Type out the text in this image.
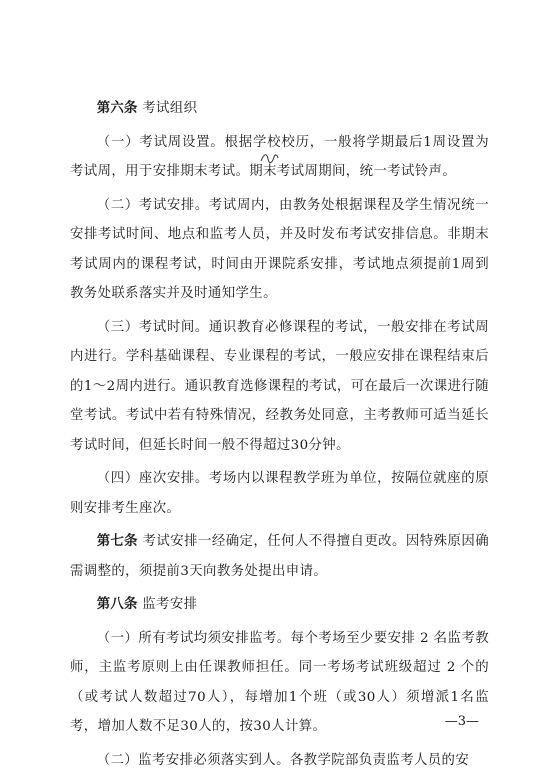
第六条 考试组织

（一）考试周设置。根据学校校历，一般将学期最后1周设置为考试周，用于安排期末考试。期末考试周期间，统一考试铃声。

（二）考试安排。考试周内，由教务处根据课程及学生情况统一安排考试时间、地点和监考人员，并及时发布考试安排信息。非期末考试周内的课程考试，时间由开课院系安排，考试地点须提前1周到教务处联系落实并及时通知学生。

（三）考试时间。通识教育必修课程的考试，一般安排在考试周内进行。学科基础课程、专业课程的考试，一般应安排在课程结束后的1～2周内进行。通识教育选修课程的考试，可在最后一次课进行随堂考试。考试中若有特殊情况，经教务处同意，主考教师可适当延长考试时间，但延长时间一般不得超过30分钟。

（四）座次安排。考场内以课程教学班为单位，按隔位就座的原则安排考生座次。

第七条 考试安排一经确定，任何人不得擅自更改。因特殊原因确需调整的，须提前3天向教务处提出申请。

第八条 监考安排

（一）所有考试均须安排监考。每个考场至少要安排 2 名监考教师，主监考原则上由任课教师担任。同一考场考试班级超过 2 个的（或考试人数超过70人），每增加1个班（或30人）须增派1名监考，增加人数不足30人的，按30人计算。

（二）监考安排必须落实到人。各教学院部负责监考人员的安

—3—
